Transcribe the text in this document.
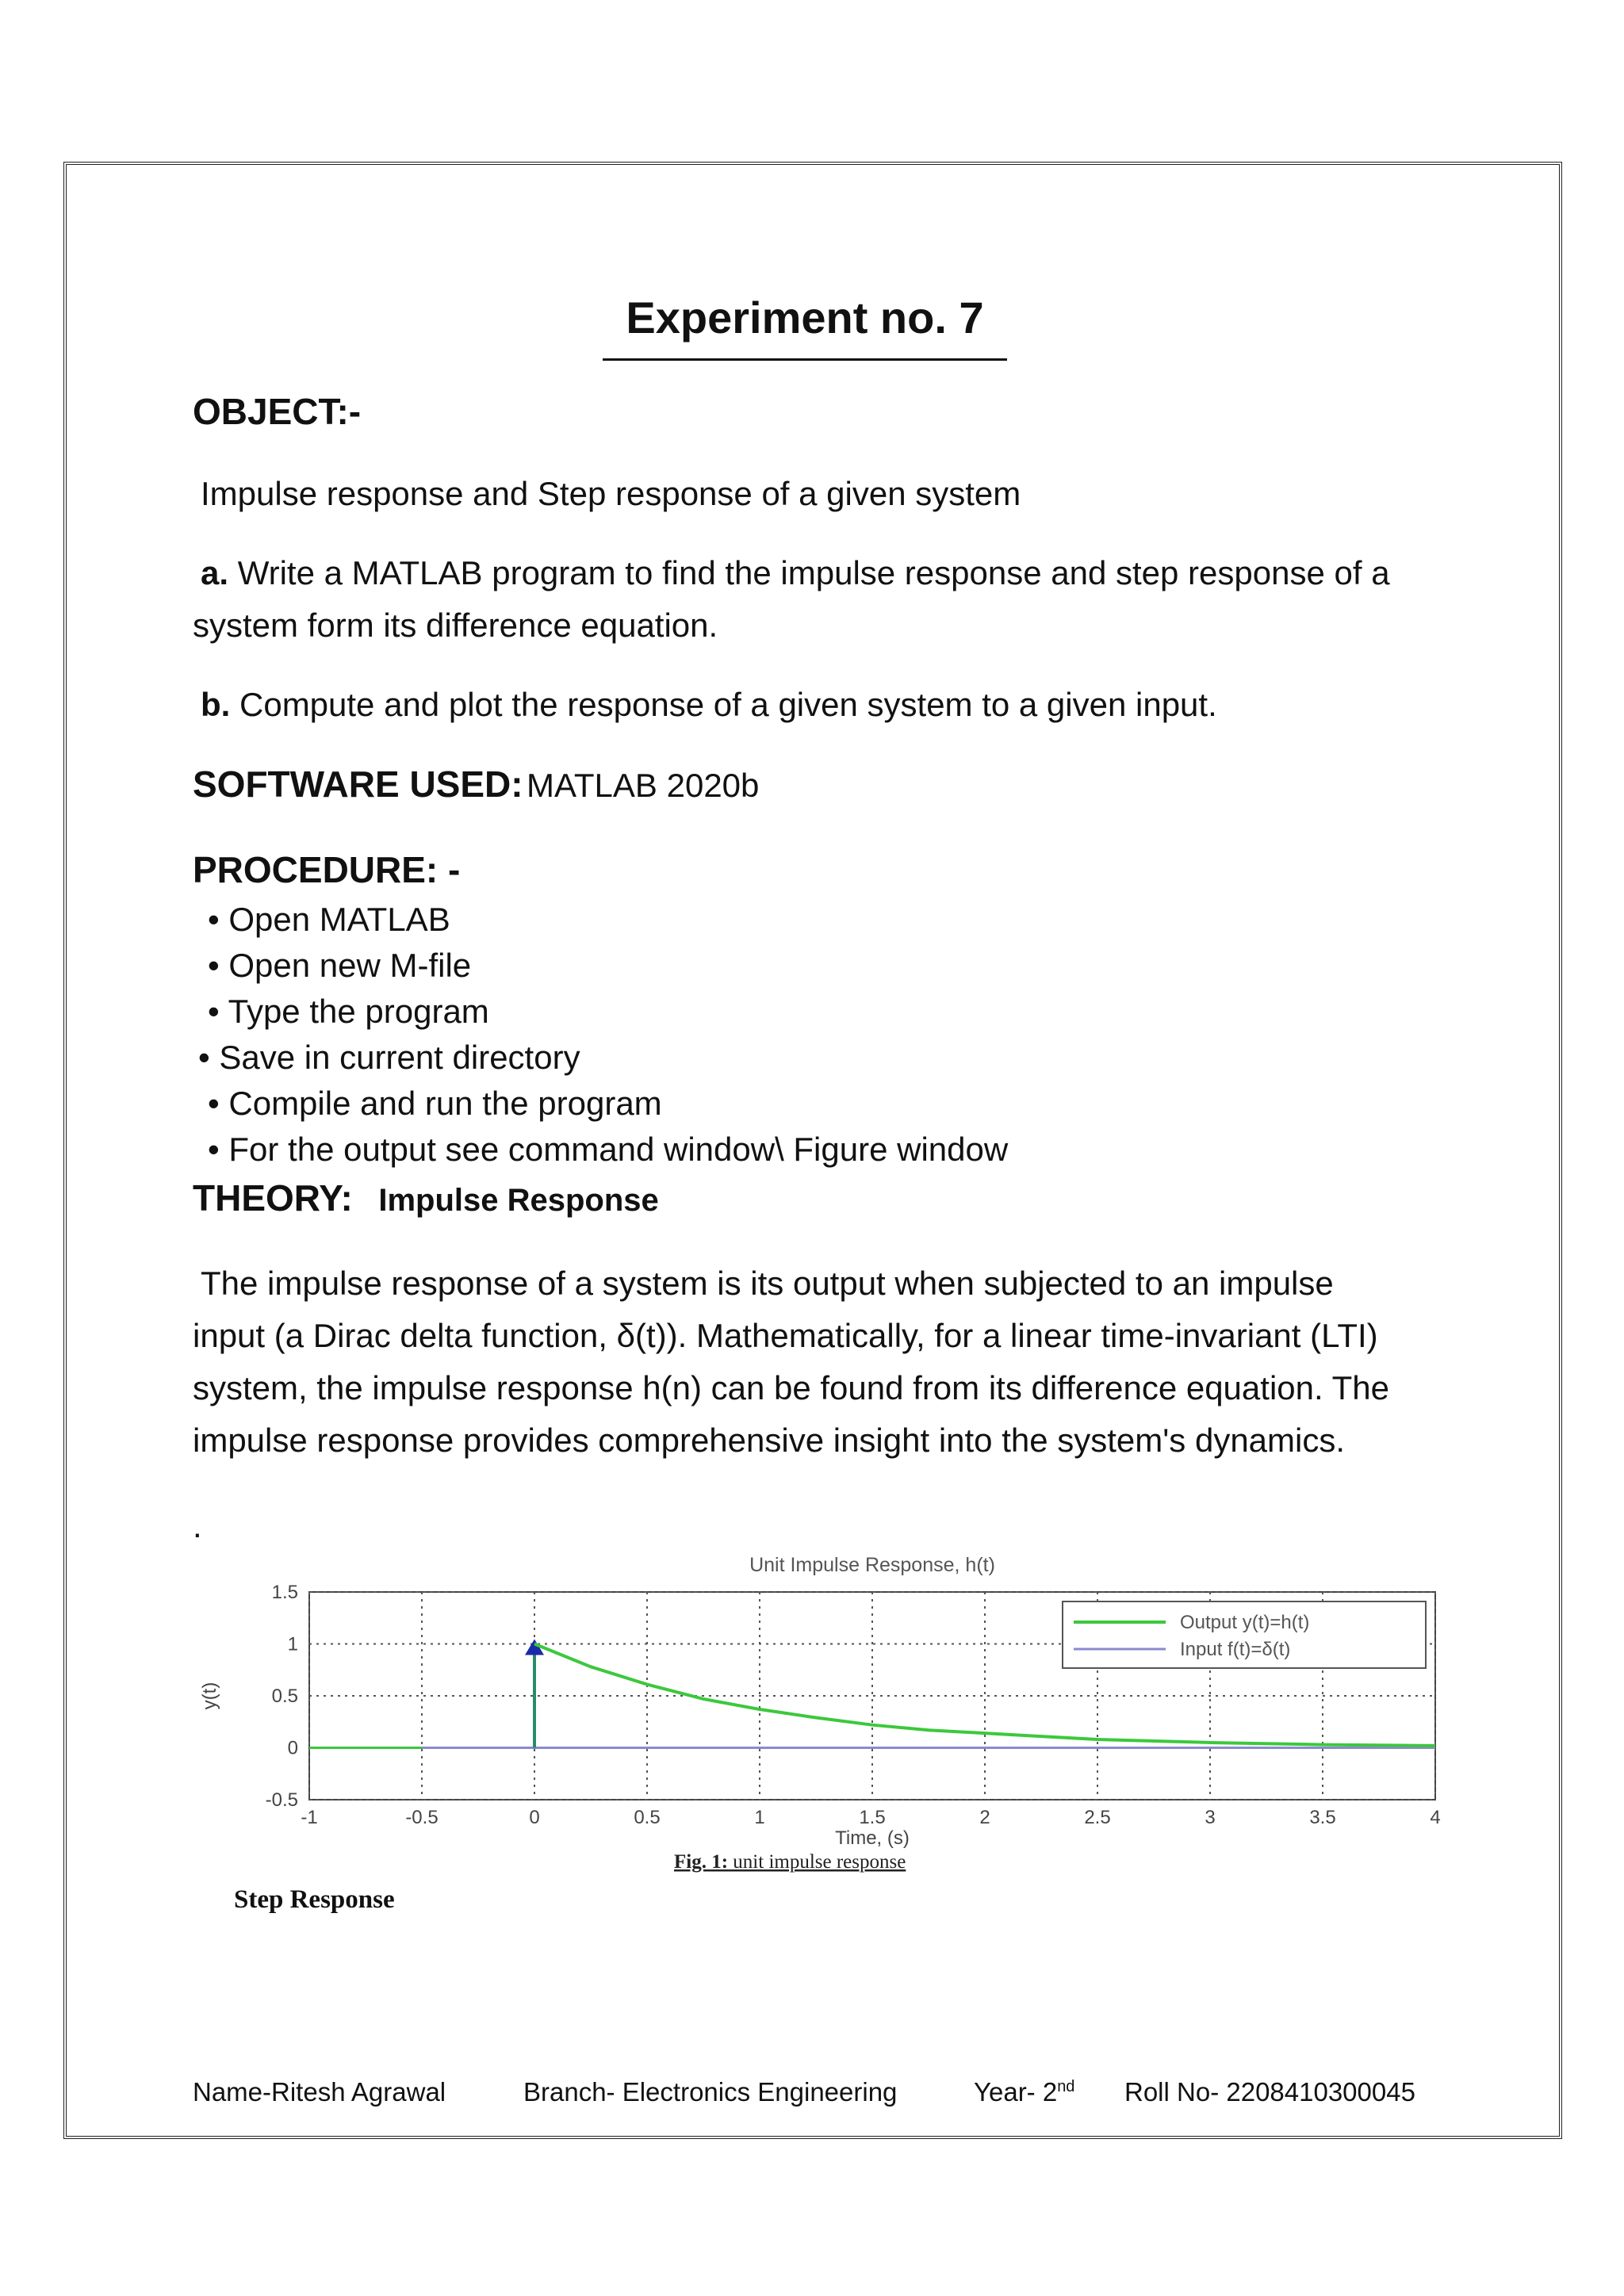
Experiment no. 7
OBJECT:-
Impulse response and Step response of a given system
a. Write a MATLAB program to find the impulse response and step response of a
system form its difference equation.
b. Compute and plot the response of a given system to a given input.
SOFTWARE USED: MATLAB 2020b
PROCEDURE: -
• Open MATLAB
• Open new M-file
• Type the program
• Save in current directory
• Compile and run the program
• For the output see command window\ Figure window
THEORY: Impulse Response
The impulse response of a system is its output when subjected to an impulse
input (a Dirac delta function, δ(t)). Mathematically, for a linear time-invariant (LTI)
system, the impulse response h(n) can be found from its difference equation. The
impulse response provides comprehensive insight into the system's dynamics.
.
Unit Impulse Response, h(t)
-1	-0.5	0	0.5	1	1.5	2	2.5	3	3.5	4
-0.5
0
0.5
1
1.5
Time, (s)
y(t)
Output y(t)=h(t)
Input f(t)=δ(t)
Fig. 1: unit impulse response
Step Response
Name-Ritesh Agrawal	Branch- Electronics Engineering	Year- 2nd Roll No- 2208410300045
